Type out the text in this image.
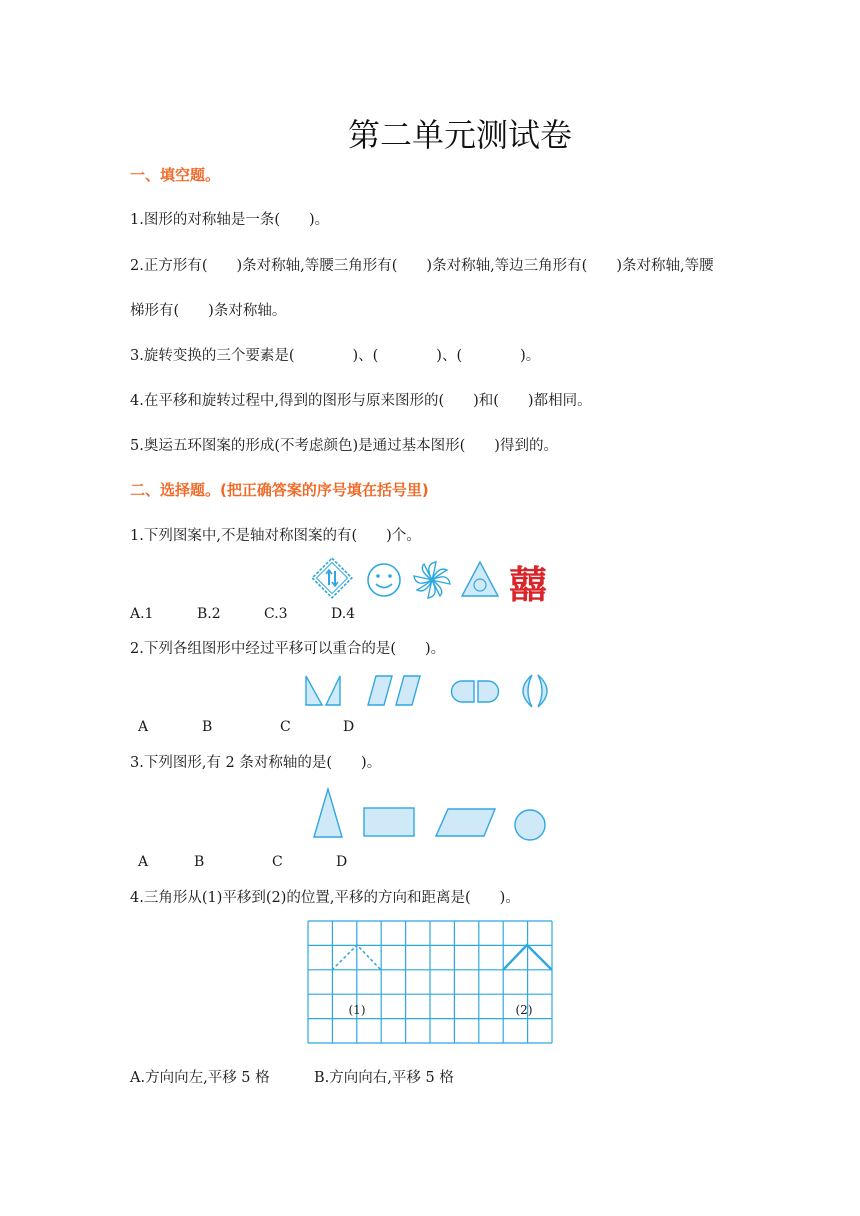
第二单元测试卷
一、填空题。
1.图形的对称轴是一条(　　)。
2.正方形有(　　)条对称轴,等腰三角形有(　　)条对称轴,等边三角形有(　　)条对称轴,等腰
梯形有(　　)条对称轴。
3.旋转变换的三个要素是(　　　　)、(　　　　)、(　　　　)。
4.在平移和旋转过程中,得到的图形与原来图形的(　　)和(　　)都相同。
5.奥运五环图案的形成(不考虑颜色)是通过基本图形(　　)得到的。
二、选择题。(把正确答案的序号填在括号里)
1.下列图案中,不是轴对称图案的有(　　)个。
囍
A.1	B.2	C.3	D.4
2.下列各组图形中经过平移可以重合的是(　　)。
A	B	C	D
3.下列图形,有 2 条对称轴的是(　　)。
A	B	C	D
4.三角形从(1)平移到(2)的位置,平移的方向和距离是(　　)。
(1)	(2)
A.方向向左,平移 5 格	B.方向向右,平移 5 格
